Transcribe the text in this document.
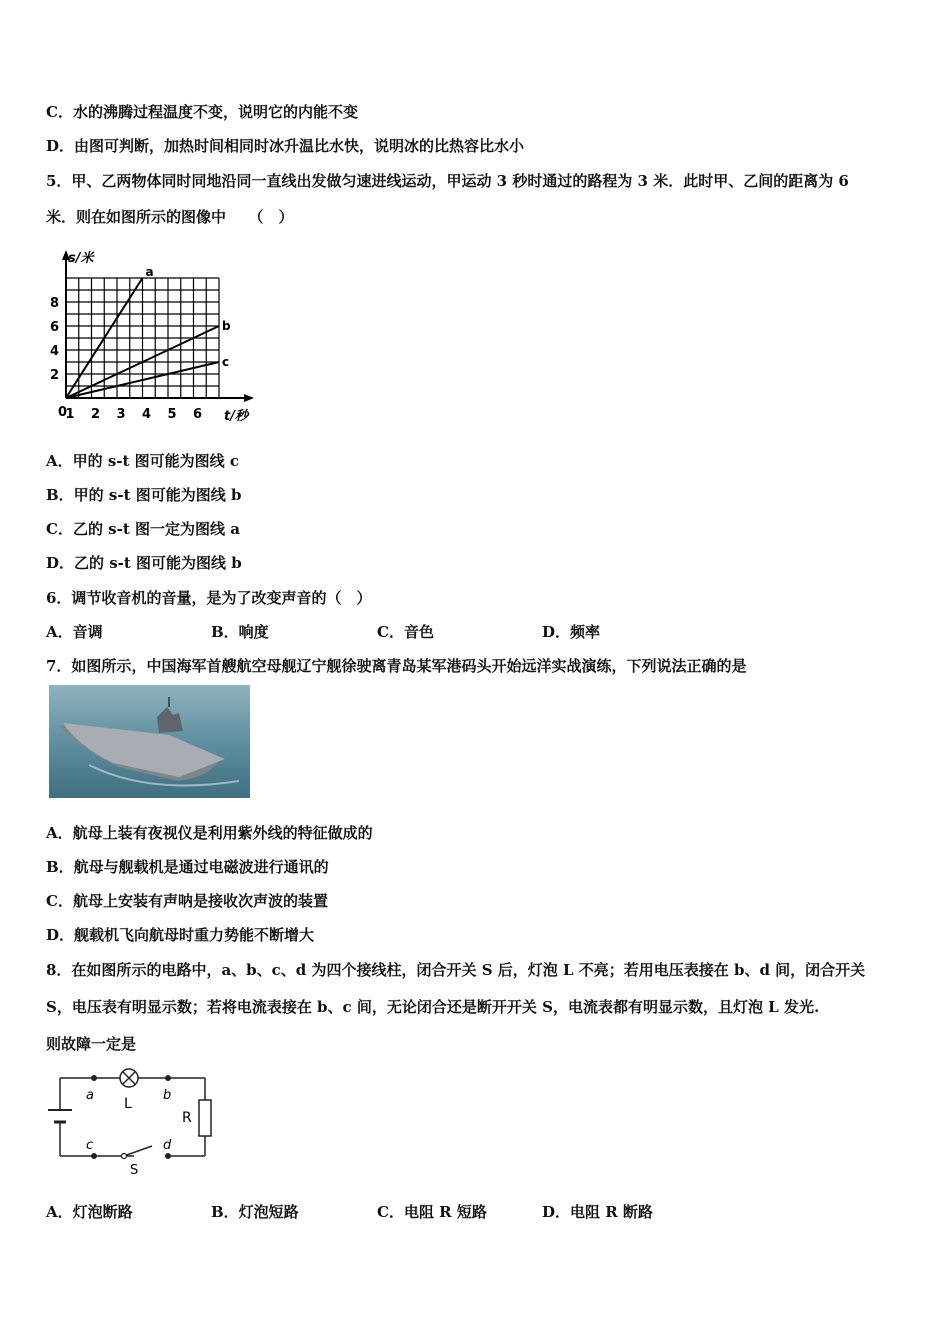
C．水的沸腾过程温度不变，说明它的内能不变
D．由图可判断，加热时间相同时冰升温比水快，说明冰的比热容比水小
5．甲、乙两物体同时同地沿同一直线出发做匀速进线运动，甲运动 3 秒时通过的路程为 3 米．此时甲、乙间的距离为 6
米．则在如图所示的图像中　　（　）
a
b
c
2
4
6
8
1 2 3 4 5 6
s/米
t/秒
0
A．甲的 s-t 图可能为图线 c
B．甲的 s-t 图可能为图线 b
C．乙的 s-t 图一定为图线 a
D．乙的 s-t 图可能为图线 b
6．调节收音机的音量，是为了改变声音的（　）
A．音调	B．响度	C．音色	D．频率
7．如图所示，中国海军首艘航空母舰辽宁舰徐驶离青岛某军港码头开始远洋实战演练，下列说法正确的是
A．航母上装有夜视仪是利用紫外线的特征做成的
B．航母与舰载机是通过电磁波进行通讯的
C．航母上安装有声呐是接收次声波的装置
D．舰载机飞向航母时重力势能不断增大
8．在如图所示的电路中，a、b、c、d 为四个接线柱，闭合开关 S 后，灯泡 L 不亮；若用电压表接在 b、d 间，闭合开关
S，电压表有明显示数；若将电流表接在 b、c 间，无论闭合还是断开开关 S，电流表都有明显示数，且灯泡 L 发光.
则故障一定是
a	b
c	d
L
R
S
A．灯泡断路	B．灯泡短路	C．电阻 R 短路	D．电阻 R 断路
